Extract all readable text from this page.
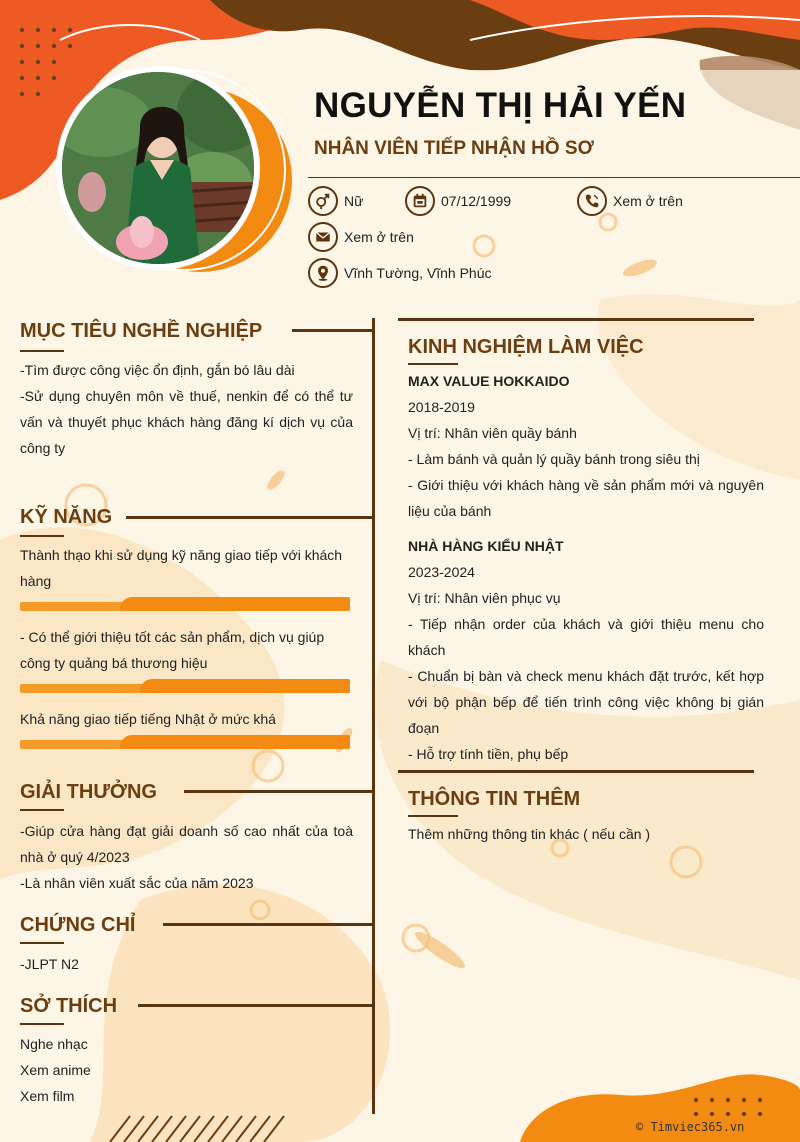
NGUYỄN THỊ HẢI YẾN
NHÂN VIÊN TIẾP NHẬN HỒ SƠ
Nữ	07/12/1999	Xem ở trên
Xem ở trên
Vĩnh Tường, Vĩnh Phúc
MỤC TIÊU NGHỀ NGHIỆP

-Tìm được công việc ổn định, gắn bó lâu dài

-Sử dụng chuyên môn về thuế, nenkin để có thể tư vấn và thuyết phục khách hàng đăng kí dịch vụ của công ty

KỸ NĂNG
Thành thạo khi sử dụng kỹ năng giao tiếp với khách hàng
- Có thể giới thiệu tốt các sản phẩm, dịch vụ giúp công ty quảng bá thương hiệu
Khả năng giao tiếp tiếng Nhật ở mức khá
GIẢI THƯỞNG

-Giúp cửa hàng đạt giải doanh số cao nhất của toà nhà ở quý 4/2023

-Là nhân viên xuất sắc của năm 2023

CHỨNG CHỈ

-JLPT N2

SỞ THÍCH

Nghe nhạc

Xem anime

Xem film

KINH NGHIỆM LÀM VIỆC

MAX VALUE HOKKAIDO

2018-2019

Vị trí: Nhân viên quầy bánh

- Làm bánh và quản lý quầy bánh trong siêu thị

- Giới thiệu với khách hàng về sản phẩm mới và nguyên liệu của bánh

NHÀ HÀNG KIỂU NHẬT

2023-2024

Vị trí: Nhân viên phục vụ

- Tiếp nhận order của khách và giới thiệu menu cho khách

- Chuẩn bị bàn và check menu khách đặt trước, kết hợp với bộ phận bếp để tiến trình công việc không bị gián đoạn

- Hỗ trợ tính tiền, phụ bếp

THÔNG TIN THÊM
Thêm những thông tin khác ( nếu cần )
© Timviec365.vn
